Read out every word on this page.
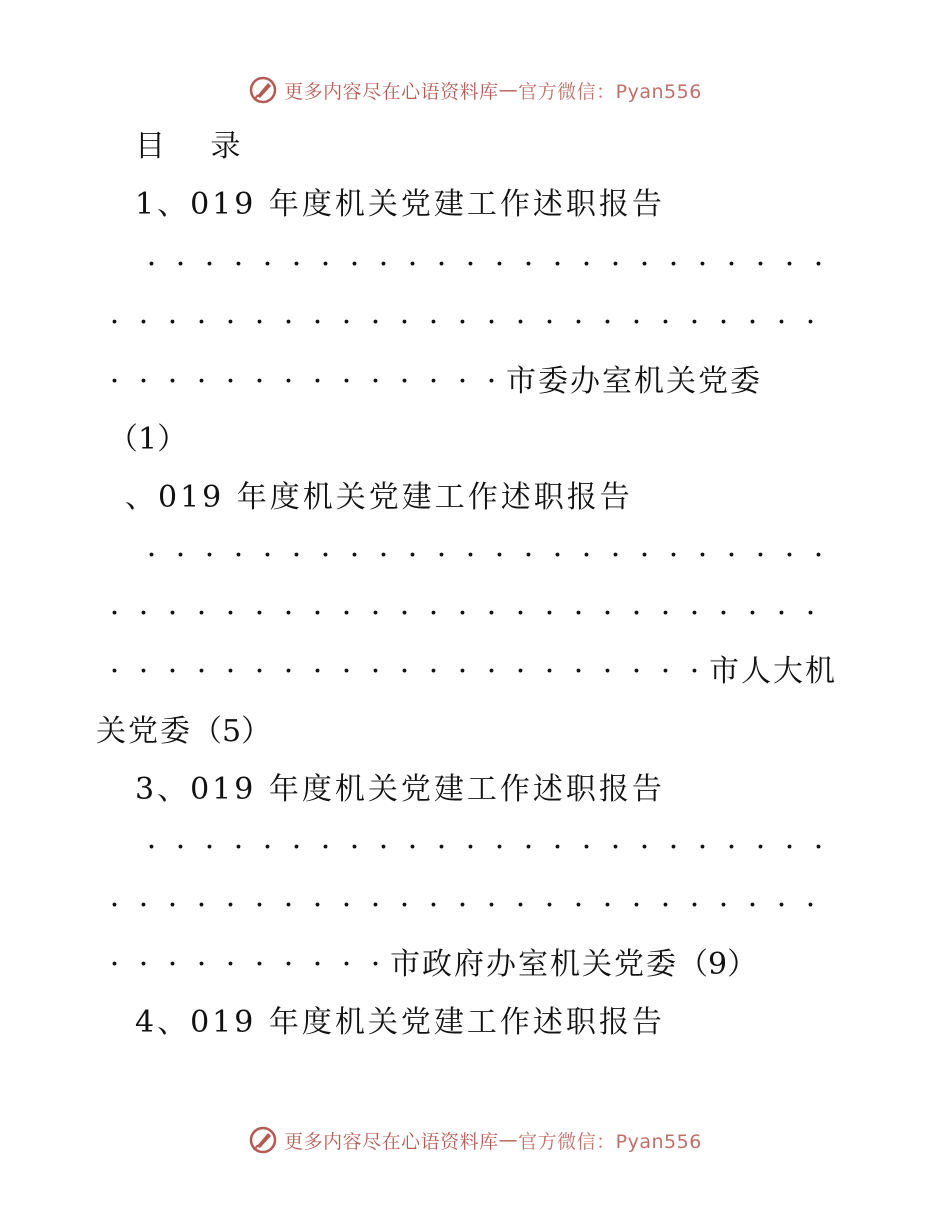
更多内容尽在心语资料库 — 官方微信：Pyan556
目 录
1、019 年度机关党建工作述职报告
· · · · · · · · · · · · · · · · · · · · · · · ·
· · · · · · · · · · · · · · · · · · · · · · · · ·
· · · · · · · · · · · · · · 市委办室机关党委
（1）
、019 年度机关党建工作述职报告
· · · · · · · · · · · · · · · · · · · · · · · ·
· · · · · · · · · · · · · · · · · · · · · · · · ·
· · · · · · · · · · · · · · · · · · · · · 市人大机
关党委（5）
3、019 年度机关党建工作述职报告
· · · · · · · · · · · · · · · · · · · · · · · ·
· · · · · · · · · · · · · · · · · · · · · · · · ·
· · · · · · · · · · 市政府办室机关党委（9）
4、019 年度机关党建工作述职报告
更多内容尽在心语资料库 — 官方微信：Pyan556
